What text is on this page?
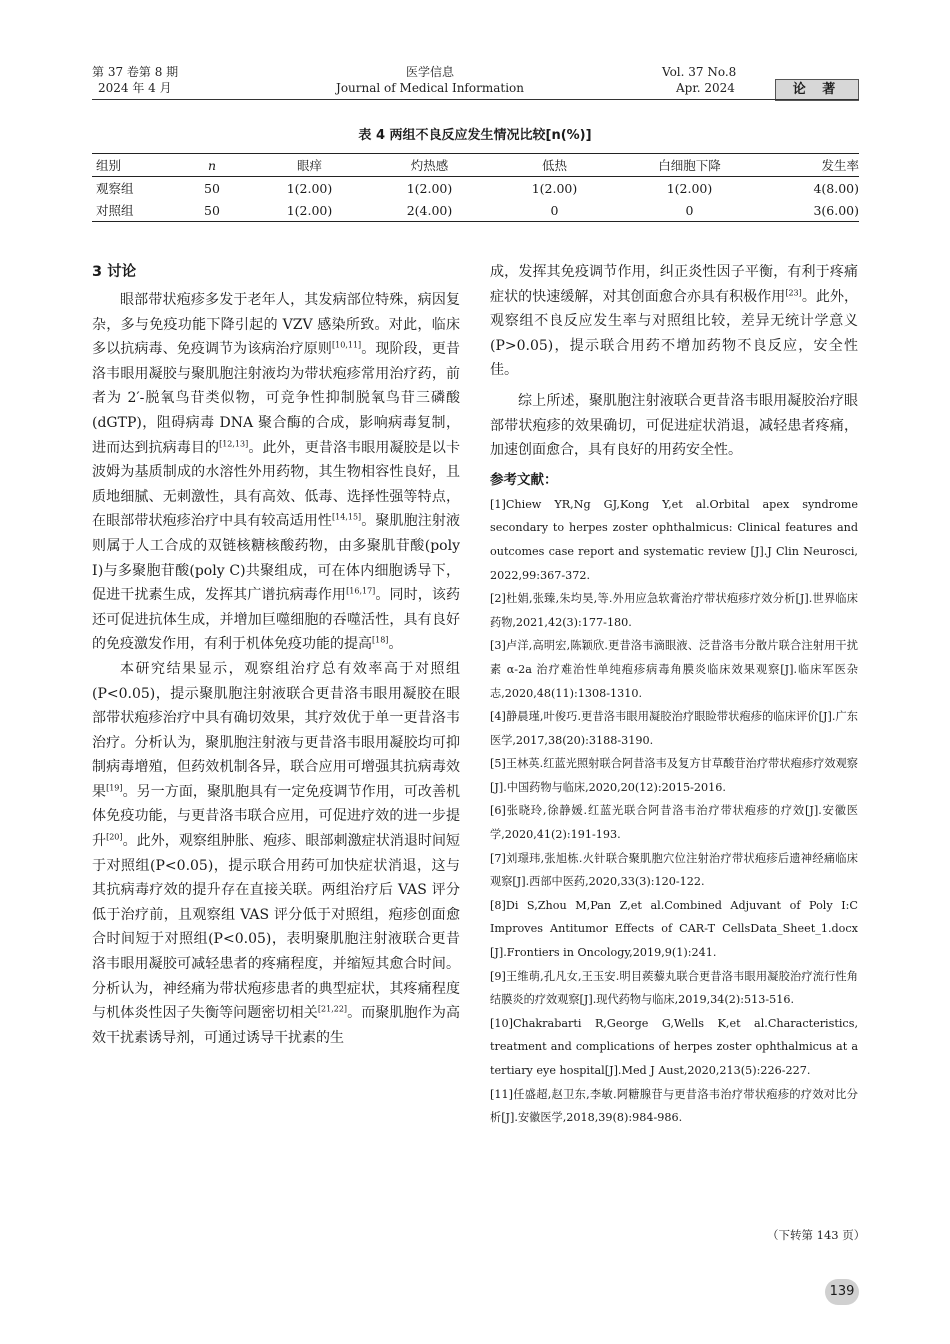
第 37 卷第 8 期
2024 年 4 月
医学信息
Journal of Medical Information
Vol. 37 No.8
Apr. 2024	论 著
表 4 两组不良反应发生情况比较[n(%)]
组别	n	眼痒	灼热感	低热	白细胞下降	发生率
观察组	50	1(2.00)	1(2.00)	1(2.00)	1(2.00)	4(8.00)
对照组	50	1(2.00)	2(4.00)	0	0	3(6.00)
3 讨论

眼部带状疱疹多发于老年人，其发病部位特殊，病因复杂，多与免疫功能下降引起的 VZV 感染所致。对此，临床多以抗病毒、免疫调节为该病治疗原则[10,11]。现阶段，更昔洛韦眼用凝胶与聚肌胞注射液均为带状疱疹常用治疗药，前者为 2′-脱氧鸟苷类似物，可竞争性抑制脱氧鸟苷三磷酸(dGTP)，阻碍病毒 DNA 聚合酶的合成，影响病毒复制，进而达到抗病毒目的[12,13]。此外，更昔洛韦眼用凝胶是以卡波姆为基质制成的水溶性外用药物，其生物相容性良好，且质地细腻、无刺激性，具有高效、低毒、选择性强等特点，在眼部带状疱疹治疗中具有较高适用性[14,15]。聚肌胞注射液则属于人工合成的双链核糖核酸药物，由多聚肌苷酸(poly Ⅰ)与多聚胞苷酸(poly C)共聚组成，可在体内细胞诱导下，促进干扰素生成，发挥其广谱抗病毒作用[16,17]。同时，该药还可促进抗体生成，并增加巨噬细胞的吞噬活性，具有良好的免疫激发作用，有利于机体免疫功能的提高[18]。

本研究结果显示，观察组治疗总有效率高于对照组(P<0.05)，提示聚肌胞注射液联合更昔洛韦眼用凝胶在眼部带状疱疹治疗中具有确切效果，其疗效优于单一更昔洛韦治疗。分析认为，聚肌胞注射液与更昔洛韦眼用凝胶均可抑制病毒增殖，但药效机制各异，联合应用可增强其抗病毒效果[19]。另一方面，聚肌胞具有一定免疫调节作用，可改善机体免疫功能，与更昔洛韦联合应用，可促进疗效的进一步提升[20]。此外，观察组肿胀、疱疹、眼部刺激症状消退时间短于对照组(P<0.05)，提示联合用药可加快症状消退，这与其抗病毒疗效的提升存在直接关联。两组治疗后 VAS 评分低于治疗前，且观察组 VAS 评分低于对照组，疱疹创面愈合时间短于对照组(P<0.05)，表明聚肌胞注射液联合更昔洛韦眼用凝胶可减轻患者的疼痛程度，并缩短其愈合时间。分析认为，神经痛为带状疱疹患者的典型症状，其疼痛程度与机体炎性因子失衡等问题密切相关[21,22]。而聚肌胞作为高效干扰素诱导剂，可通过诱导干扰素的生

成，发挥其免疫调节作用，纠正炎性因子平衡，有利于疼痛症状的快速缓解，对其创面愈合亦具有积极作用[23]。此外，观察组不良反应发生率与对照组比较，差异无统计学意义(P>0.05)，提示联合用药不增加药物不良反应，安全性佳。

综上所述，聚肌胞注射液联合更昔洛韦眼用凝胶治疗眼部带状疱疹的效果确切，可促进症状消退，减轻患者疼痛，加速创面愈合，具有良好的用药安全性。

参考文献：

[1]Chiew YR,Ng GJ,Kong Y,et al.Orbital apex syndrome secondary to herpes zoster ophthalmicus: Clinical features and outcomes case report and systematic review [J].J Clin Neurosci, 2022,99:367-372.

[2]杜娟,张臻,朱均昊,等.外用应急软膏治疗带状疱疹疗效分析[J].世界临床药物,2021,42(3):177-180.

[3]卢洋,高明宏,陈颖欣.更昔洛韦滴眼液、泛昔洛韦分散片联合注射用干扰素 α-2a 治疗难治性单纯疱疹病毒角膜炎临床效果观察[J].临床军医杂志,2020,48(11):1308-1310.

[4]静晨瑾,叶俊巧.更昔洛韦眼用凝胶治疗眼睑带状疱疹的临床评价[J].广东医学,2017,38(20):3188-3190.

[5]王林英.红蓝光照射联合阿昔洛韦及复方甘草酸苷治疗带状疱疹疗效观察[J].中国药物与临床,2020,20(12):2015-2016.

[6]张晓玲,徐静媛.红蓝光联合阿昔洛韦治疗带状疱疹的疗效[J].安徽医学,2020,41(2):191-193.

[7]刘璟玮,张旭栋.火针联合聚肌胞穴位注射治疗带状疱疹后遗神经痛临床观察[J].西部中医药,2020,33(3):120-122.

[8]Di S,Zhou M,Pan Z,et al.Combined Adjuvant of Poly I:C Improves Antitumor Effects of CAR-T CellsData_Sheet_1.docx [J].Frontiers in Oncology,2019,9(1):241.

[9]王维萌,孔凡女,王玉安.明目蒺藜丸联合更昔洛韦眼用凝胶治疗流行性角结膜炎的疗效观察[J].现代药物与临床,2019,34(2):513-516.

[10]Chakrabarti R,George G,Wells K,et al.Characteristics, treatment and complications of herpes zoster ophthalmicus at a tertiary eye hospital[J].Med J Aust,2020,213(5):226-227.

[11]任盛超,赵卫东,李敏.阿糖腺苷与更昔洛韦治疗带状疱疹的疗效对比分析[J].安徽医学,2018,39(8):984-986.

（下转第 143 页）
139
